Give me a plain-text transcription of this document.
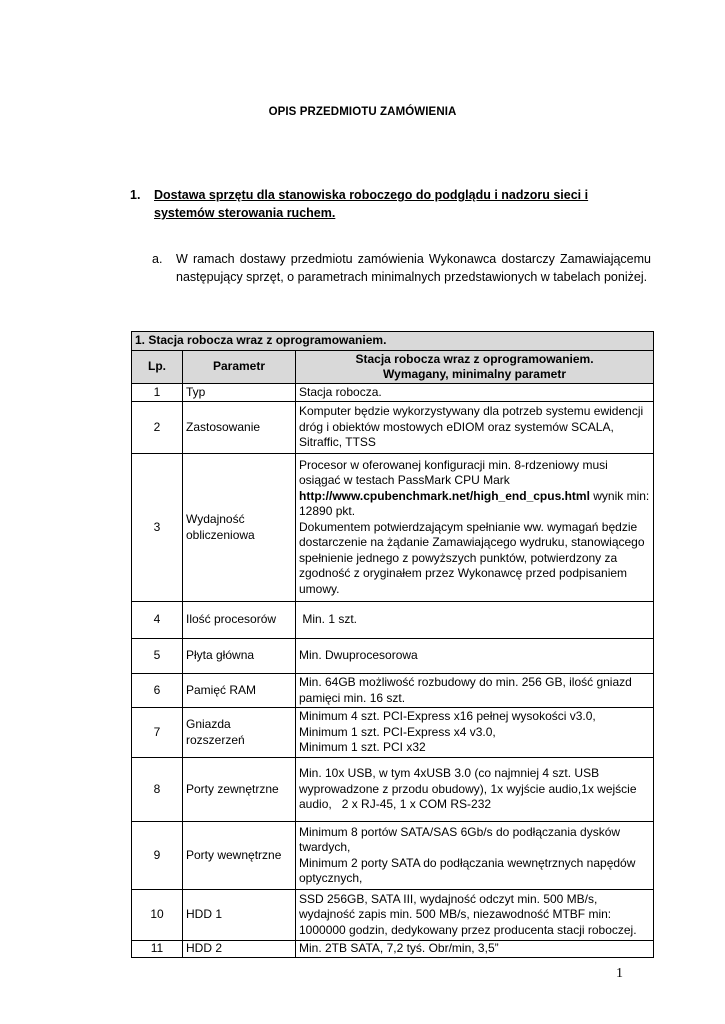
OPIS PRZEDMIOTU ZAMÓWIENIA
1. Dostawa sprzętu dla stanowiska roboczego do podglądu i nadzoru sieci i systemów sterowania ruchem.
a. W ramach dostawy przedmiotu zamówienia Wykonawca dostarczy Zamawiającemu następujący sprzęt, o parametrach minimalnych przedstawionych w tabelach poniżej.
1. Stacja robocza wraz z oprogramowaniem.		
Lp.	Parametr	Stacja robocza wraz z oprogramowaniem.
Wymagany, minimalny parametr

1	Typ	Stacja robocza.
2	Zastosowanie	Komputer będzie wykorzystywany dla potrzeb systemu ewidencji dróg i obiektów mostowych eDIOM oraz systemów SCALA, Sitraffic, TTSS
3	Wydajność obliczeniowa	Procesor w oferowanej konfiguracji min. 8-rdzeniowy musi osiągać w testach PassMark CPU Mark http://www.cpubenchmark.net/high_end_cpus.html wynik min: 12890 pkt.
Dokumentem potwierdzającym spełnianie ww. wymagań będzie dostarczenie na żądanie Zamawiającego wydruku, stanowiącego spełnienie jednego z powyższych punktów, potwierdzony za zgodność z oryginałem przez Wykonawcę przed podpisaniem umowy.

4	Ilość procesorów	Min. 1 szt.
5	Płyta główna	Min. Dwuprocesorowa
6	Pamięć RAM	Min. 64GB możliwość rozbudowy do min. 256 GB, ilość gniazd pamięci min. 16 szt.
7	Gniazda rozszerzeń	Minimum 4 szt. PCI-Express x16 pełnej wysokości v3.0,
Minimum 1 szt. PCI-Express x4 v3.0,
Minimum 1 szt. PCI x32

8	Porty zewnętrzne	Min. 10x USB, w tym 4xUSB 3.0 (co najmniej 4 szt. USB wyprowadzone z przodu obudowy), 1x wyjście audio,1x wejście audio,   2 x RJ-45, 1 x COM RS-232
9	Porty wewnętrzne	Minimum 8 portów SATA/SAS 6Gb/s do podłączania dysków twardych,
Minimum 2 porty SATA do podłączania wewnętrznych napędów optycznych,

10	HDD 1	SSD 256GB, SATA III, wydajność odczyt min. 500 MB/s, wydajność zapis min. 500 MB/s, niezawodność MTBF min: 1000000 godzin, dedykowany przez producenta stacji roboczej.
11	HDD 2	Min. 2TB SATA, 7,2 tyś. Obr/min, 3,5”
1
